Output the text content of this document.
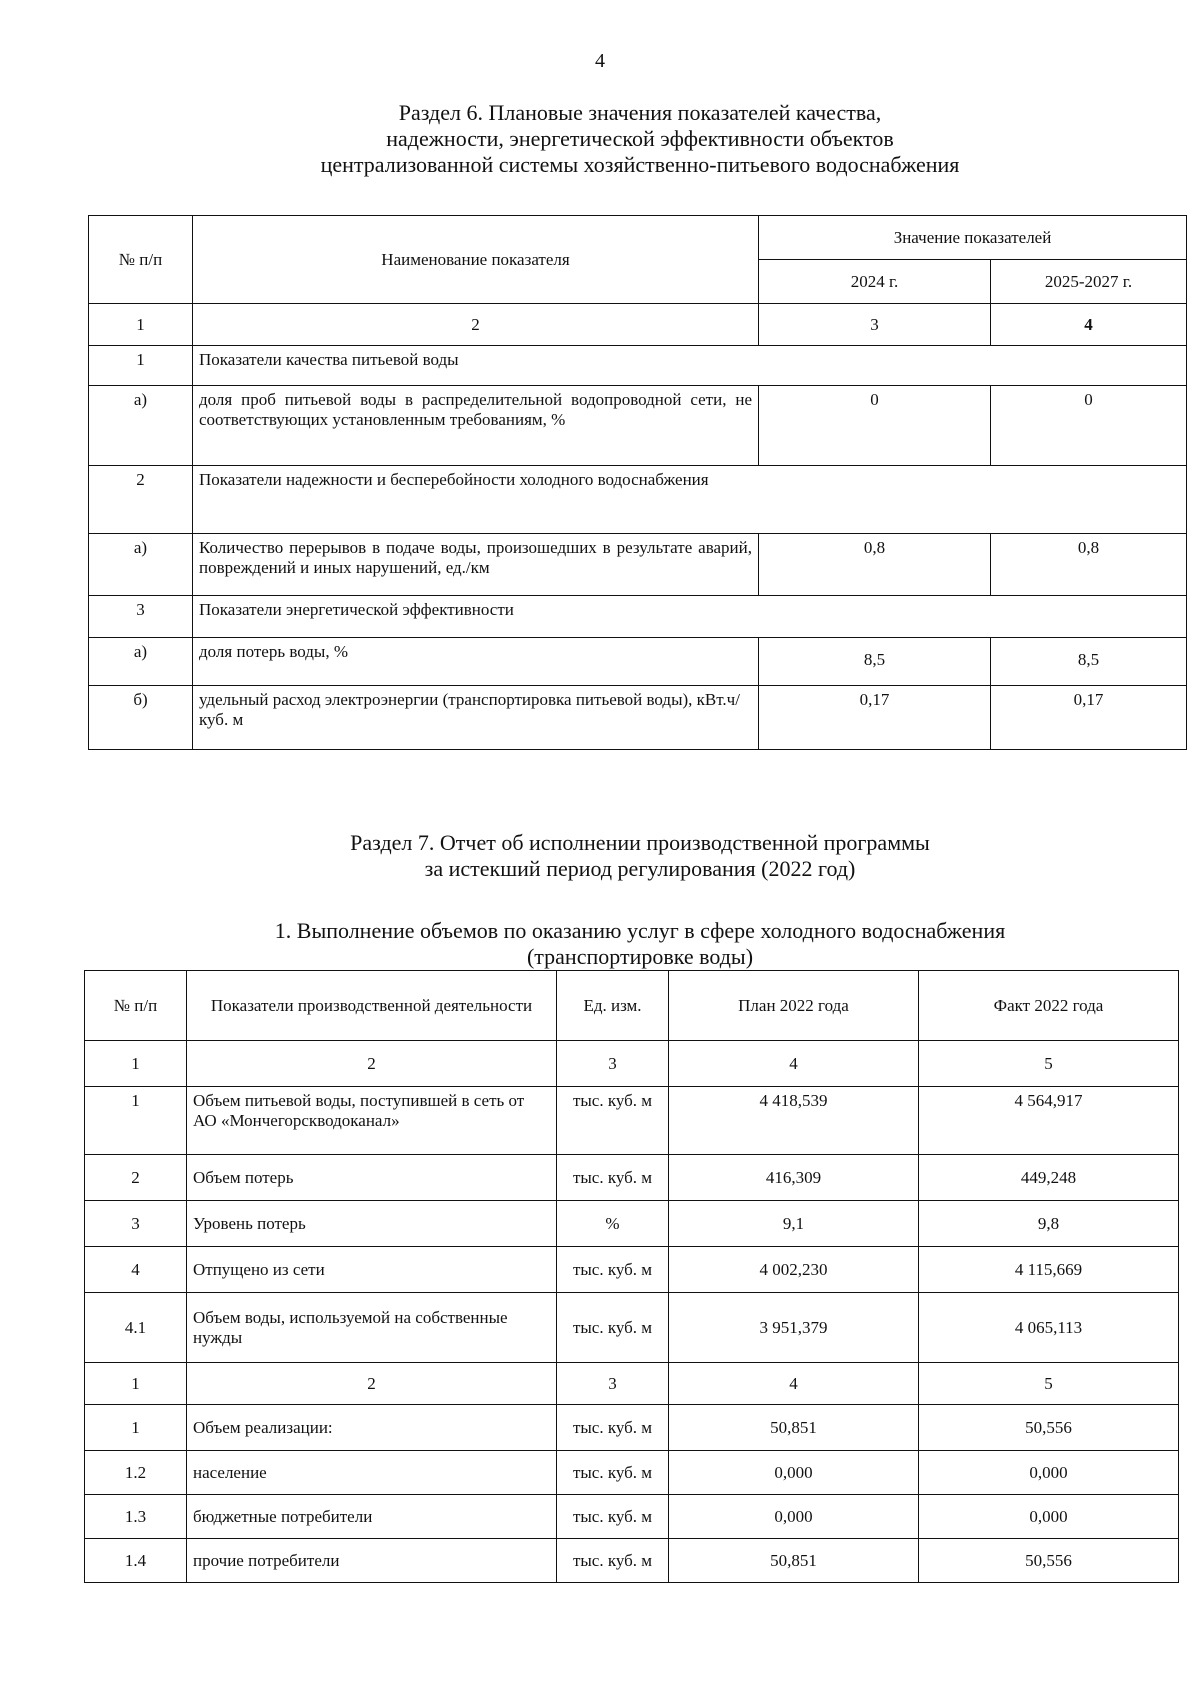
4
Раздел 6. Плановые значения показателей качества,
надежности, энергетической эффективности объектов
централизованной системы хозяйственно-питьевого водоснабжения
№ п/п	Наименование показателя	Значение показателей	
		2024 г.	2025-2027 г.
1	2	3	4
1	Показатели качества питьевой воды		
а)	доля проб питьевой воды в распределительной водопроводной сети, не соответствующих установленным требованиям, %	0	0
2	Показатели надежности и бесперебойности холодного водоснабжения		
а)	Количество перерывов в подаче воды, произошедших в результате аварий, повреждений и иных нарушений, ед./км	0,8	0,8
3	Показатели энергетической эффективности		
а)	доля потерь воды, %	8,5	8,5
б)	удельный расход электроэнергии (транспортировка питьевой воды), кВт.ч/куб. м	0,17	0,17
Раздел 7. Отчет об исполнении производственной программы
за истекший период регулирования (2022 год)
1. Выполнение объемов по оказанию услуг в сфере холодного водоснабжения
(транспортировке воды)
№ п/п	Показатели производственной деятельности	Ед. изм.	План 2022 года	Факт 2022 года
1	2	3	4	5
1	Объем питьевой воды, поступившей в сеть от АО «Мончегорскводоканал»	тыс. куб. м	4 418,539	4 564,917
2	Объем потерь	тыс. куб. м	416,309	449,248
3	Уровень потерь	%	9,1	9,8
4	Отпущено из сети	тыс. куб. м	4 002,230	4 115,669
4.1	Объем воды, используемой на собственные нужды	тыс. куб. м	3 951,379	4 065,113
1	2	3	4	5
1	Объем реализации:	тыс. куб. м	50,851	50,556
1.2	население	тыс. куб. м	0,000	0,000
1.3	бюджетные потребители	тыс. куб. м	0,000	0,000
1.4	прочие потребители	тыс. куб. м	50,851	50,556
